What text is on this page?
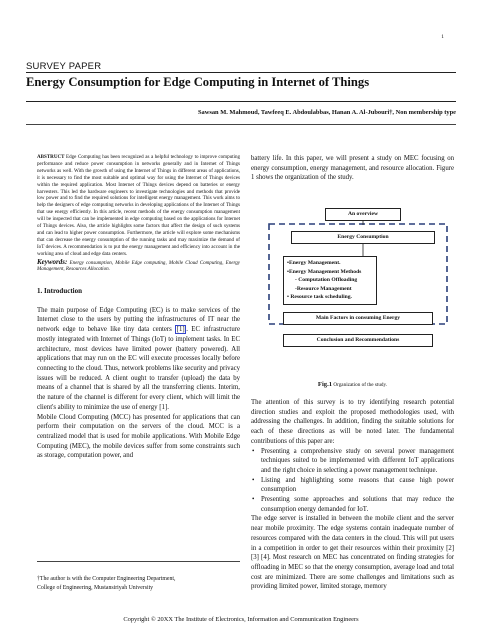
1
SURVEY PAPER
Energy Consumption for Edge Computing in Internet of Things
Sawsan M. Mahmoud, Tawfeeq E. Abdoulabbas, Hanan A. Al-Jubouri†, Non membership type

ABSTRUCT Edge Computing has been recognized as a helpful technology to improve computing performance and reduce power consumption in networks generally and in Internet of Things networks as well. With the growth of using the Internet of Things in different areas of applications, it is necessary to find the most suitable and optimal way for using the Internet of Things devices within the required application. Most Internet of Things devices depend on batteries or energy harvesters. This led the hardware engineers to investigate technologies and methods that provide low power and to find the required solutions for intelligent energy management. This work aims to help the designers of edge computing networks in developing applications of the Internet of Things that use energy efficiently. In this article, recent methods of the energy consumption management will be inspected that can be implemented in edge computing based on the applications for Internet of Things devices. Also, the article highlights some factors that affect the design of such systems and can lead to higher power consumption. Furthermore, the article will explore some mechanisms that can decrease the energy consumption of the running tasks and may maximize the demand of IoT devices. A recommendation is to put the energy management and efficiency into account in the working area of cloud and edge data centers.

Keywords: Energy consumption, Mobile Edge computing, Mobile Cloud Computing, Energy Management, Resources Allocation.

1. Introduction

The main purpose of Edge Computing (EC) is to make services of the Internet close to the users by putting the infrastructures of IT near the network edge to behave like tiny data centers [1] . EC infrastructure mostly integrated with Internet of Things (IoT) to implement tasks. In EC architecture, most devices have limited power (battery powered). All applications that may run on the EC will execute processes locally before connecting to the cloud. Thus, network problems like security and privacy issues will be reduced. A client ought to transfer (upload) the data by means of a channel that is shared by all the transferring clients. Interim, the nature of the channel is different for every client, which will limit the client's ability to minimize the use of energy [1].

Mobile Cloud Computing (MCC) has presented for applications that can perform their computation on the servers of the cloud. MCC is a centralized model that is used for mobile applications. With Mobile Edge Computing (MEC), the mobile devices suffer from some constraints such as storage, computation power, and

†The author is with the Computer Engineering Department,
College of Engineering, Mustansiriyah University

battery life. In this paper, we will present a study on MEC focusing on energy consumption, energy management, and resource allocation. Figure 1 shows the organization of the study.

An overview
Energy Consumption
•Energy Management.
•Energy Management Methods
- Computation Offloading
-Resource Management
• Resource task scheduling.
Main Factors in consuming Energy
Conclusion and Recommendations
Fig.1 Organization of the study.

The attention of this survey is to try identifying research potential direction studies and exploit the proposed methodologies used, with addressing the challenges. In addition, finding the suitable solutions for each of these directions as will be noted later. The fundamental contributions of this paper are:

• Presenting a comprehensive study on several power management techniques suited to be implemented with different IoT applications and the right choice in selecting a power management technique.
• Listing and highlighting some reasons that cause high power consumption
• Presenting some approaches and solutions that may reduce the consumption energy demanded for IoT.

The edge server is installed in between the mobile client and the server near mobile proximity. The edge systems contain inadequate number of resources compared with the data centers in the cloud. This will put users in a competition in order to get their resources within their proximity [2] [3] [4]. Most research on MEC has concentrated on finding strategies for offloading in MEC so that the energy consumption, average load and total cost are minimized. There are some challenges and limitations such as providing limited power, limited storage, memory

Copyright © 20XX The Institute of Electronics, Information and Communication Engineers
